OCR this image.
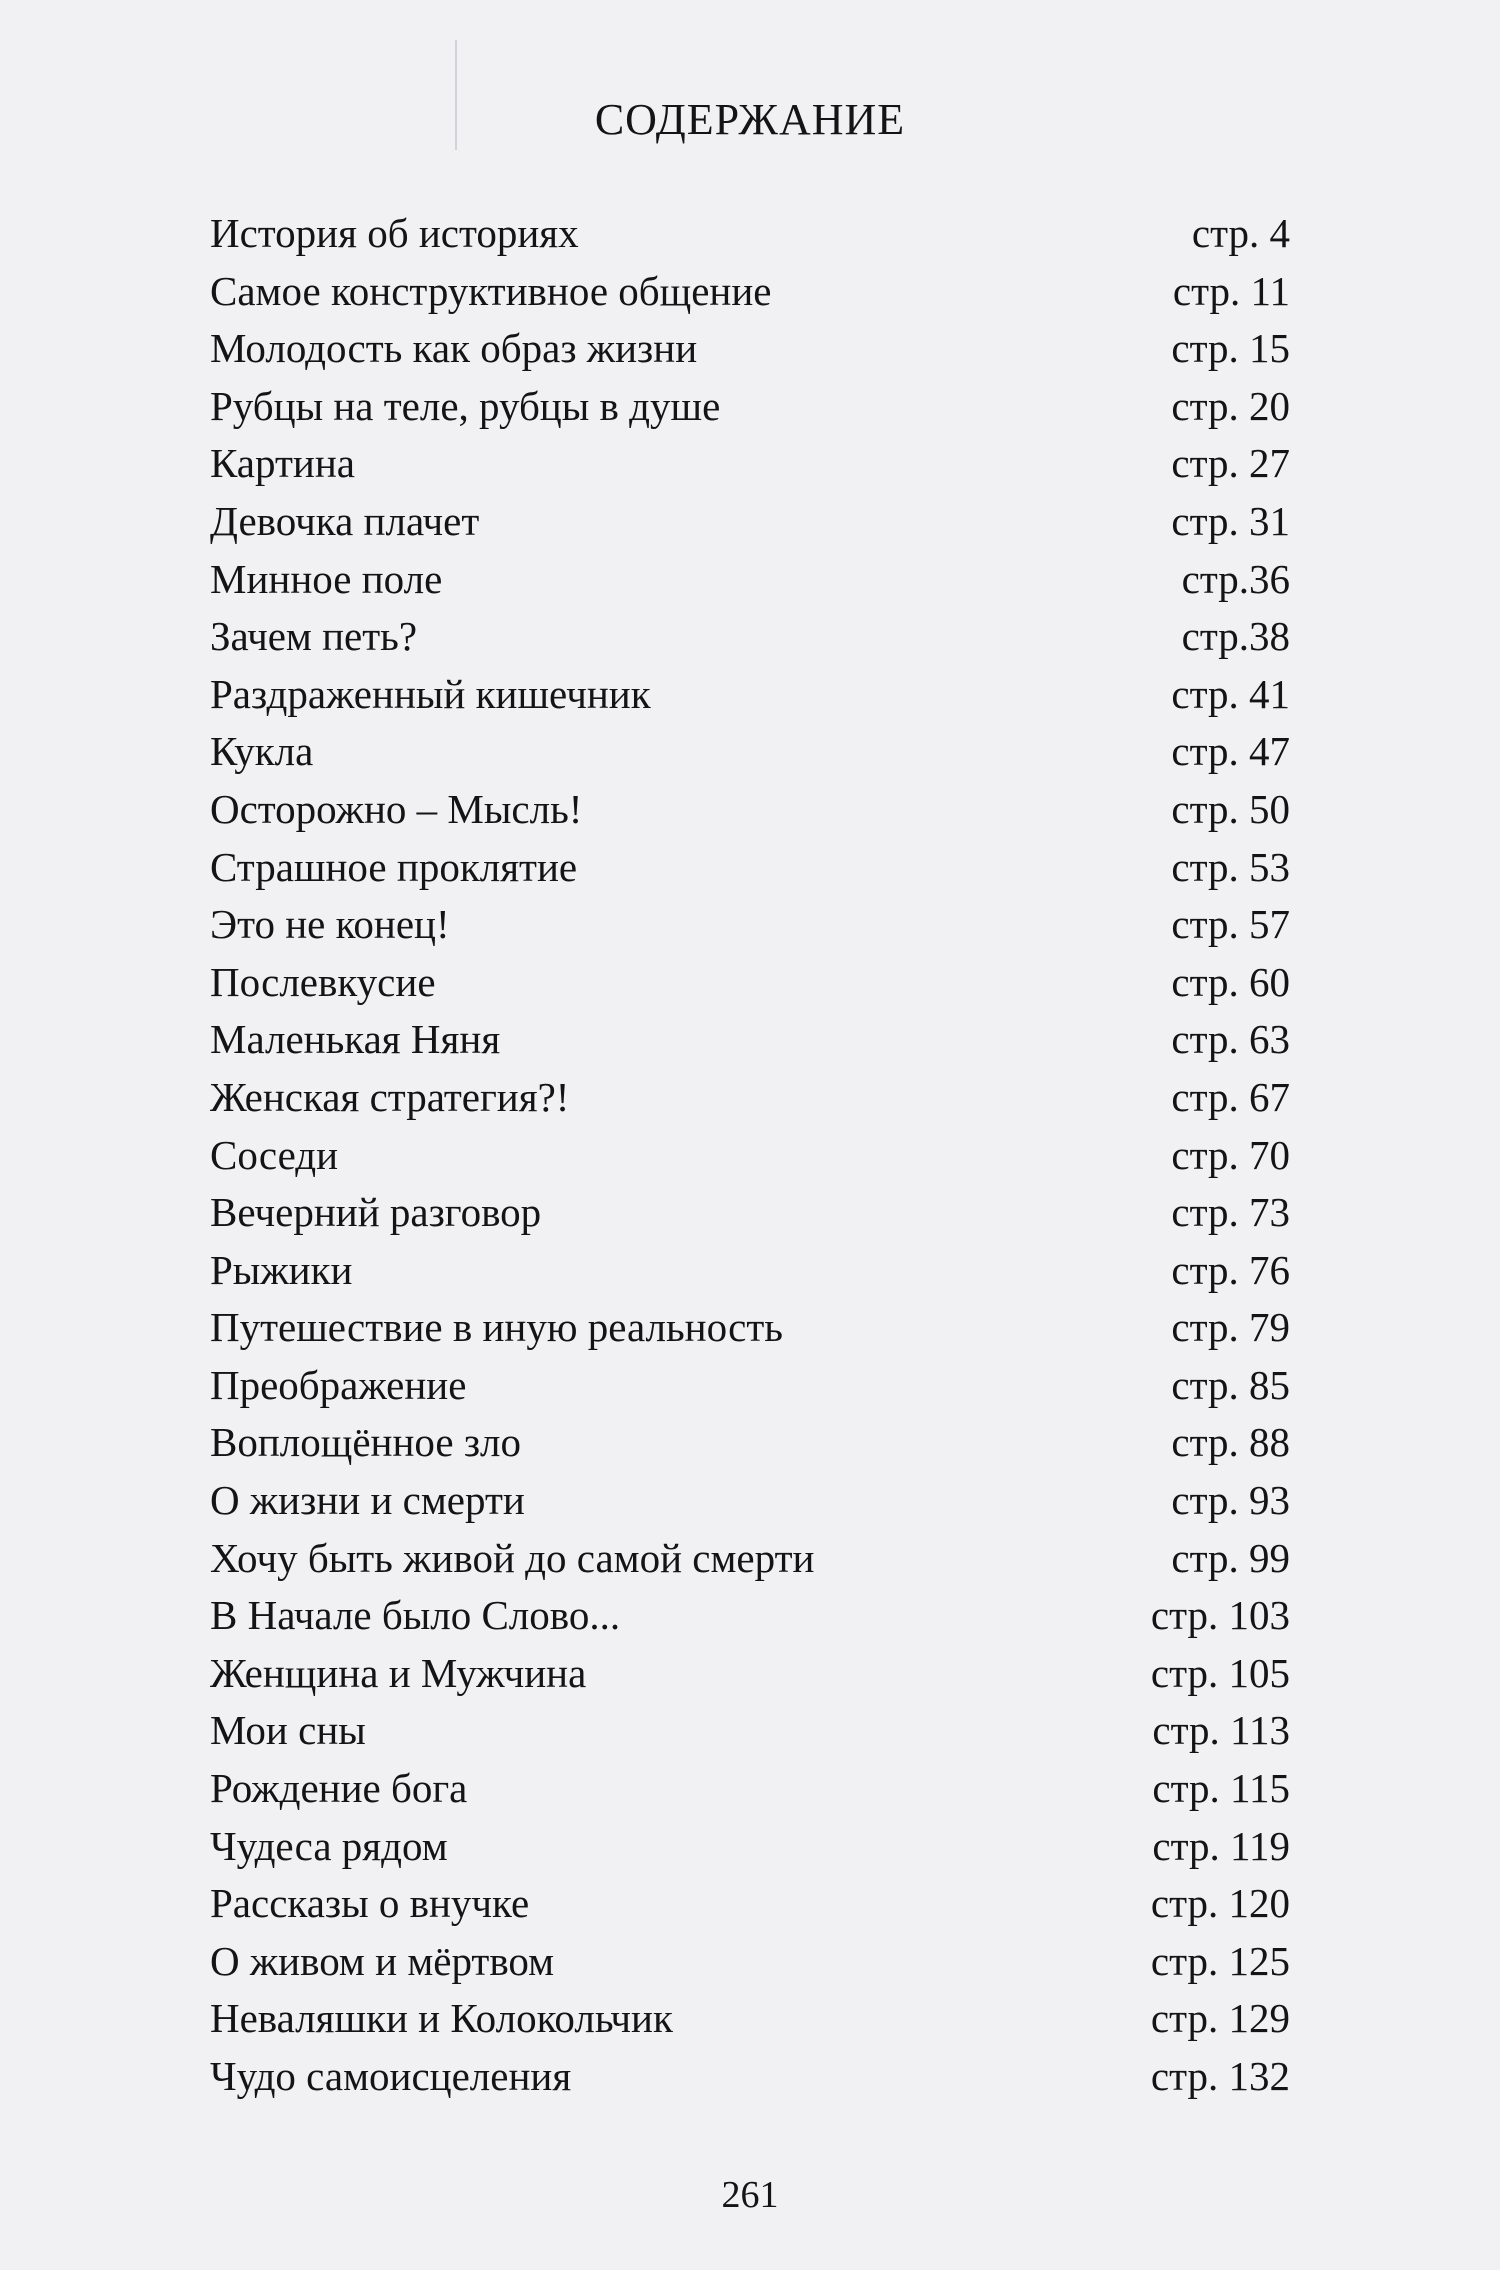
СОДЕРЖАНИЕ
История об историях	стр. 4
Самое конструктивное общение	стр. 11
Молодость как образ жизни	стр. 15
Рубцы на теле, рубцы в душе	стр. 20
Картина	стр. 27
Девочка плачет	стр. 31
Минное поле	стр.36
Зачем петь?	стр.38
Раздраженный кишечник	стр. 41
Кукла	стр. 47
Осторожно – Мысль!	стр. 50
Страшное проклятие	стр. 53
Это не конец!	стр. 57
Послевкусие	стр. 60
Маленькая Няня	стр. 63
Женская стратегия?!	стр. 67
Соседи	стр. 70
Вечерний разговор	стр. 73
Рыжики	стр. 76
Путешествие в иную реальность	стр. 79
Преображение	стр. 85
Воплощённое зло	стр. 88
О жизни и смерти	стр. 93
Хочу быть живой до самой смерти	стр. 99
В Начале было Слово...	стр. 103
Женщина и Мужчина	стр. 105
Мои сны	стр. 113
Рождение бога	стр. 115
Чудеса рядом	стр. 119
Рассказы о внучке	стр. 120
О живом и мёртвом	стр. 125
Неваляшки и Колокольчик	стр. 129
Чудо самоисцеления	стр. 132
261
